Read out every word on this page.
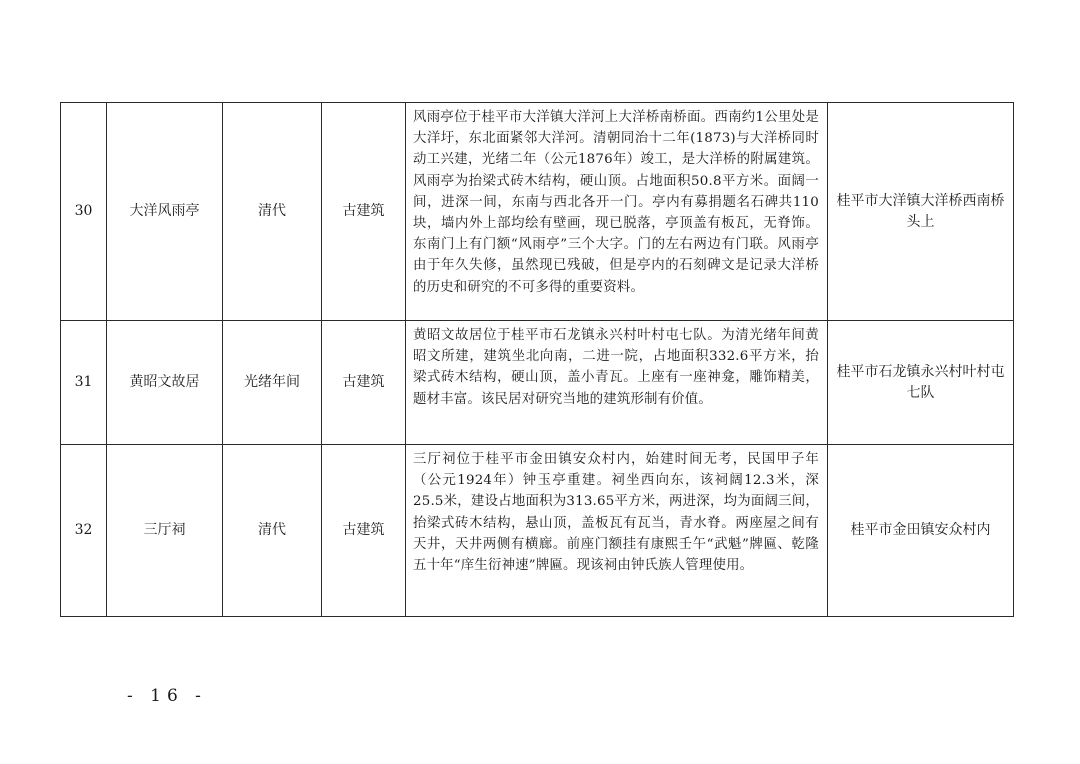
30	大洋风雨亭	清代	古建筑	风雨亭位于桂平市大洋镇大洋河上大洋桥南桥面。西南约1公里处是大洋圩，东北面紧邻大洋河。清朝同治十二年(1873)与大洋桥同时动工兴建，光绪二年（公元1876年）竣工，是大洋桥的附属建筑。风雨亭为抬梁式砖木结构，硬山顶。占地面积50.8平方米。面阔一间，进深一间，东南与西北各开一门。亭内有募捐题名石碑共110块，墙内外上部均绘有壁画，现已脱落，亭顶盖有板瓦，无脊饰。东南门上有门额“风雨亭”三个大字。门的左右两边有门联。风雨亭由于年久失修，虽然现已残破，但是亭内的石刻碑文是记录大洋桥的历史和研究的不可多得的重要资料。	桂平市大洋镇大洋桥西南桥头上
31	黄昭文故居	光绪年间	古建筑	黄昭文故居位于桂平市石龙镇永兴村叶村屯七队。为清光绪年间黄昭文所建，建筑坐北向南，二进一院，占地面积332.6平方米，抬梁式砖木结构，硬山顶，盖小青瓦。上座有一座神龛，雕饰精美，题材丰富。该民居对研究当地的建筑形制有价值。	桂平市石龙镇永兴村叶村屯七队
32	三厅祠	清代	古建筑	三厅祠位于桂平市金田镇安众村内，始建时间无考，民国甲子年（公元1924年）钟玉亭重建。祠坐西向东，该祠阔12.3米，深25.5米，建设占地面积为313.65平方米，两进深，均为面阔三间，抬梁式砖木结构，悬山顶，盖板瓦有瓦当，青水脊。两座屋之间有天井，天井两侧有横廊。前座门额挂有康熙壬午“武魁”牌匾、乾隆五十年“庠生衍神速”牌匾。现该祠由钟氏族人管理使用。	桂平市金田镇安众村内
- 16 -
